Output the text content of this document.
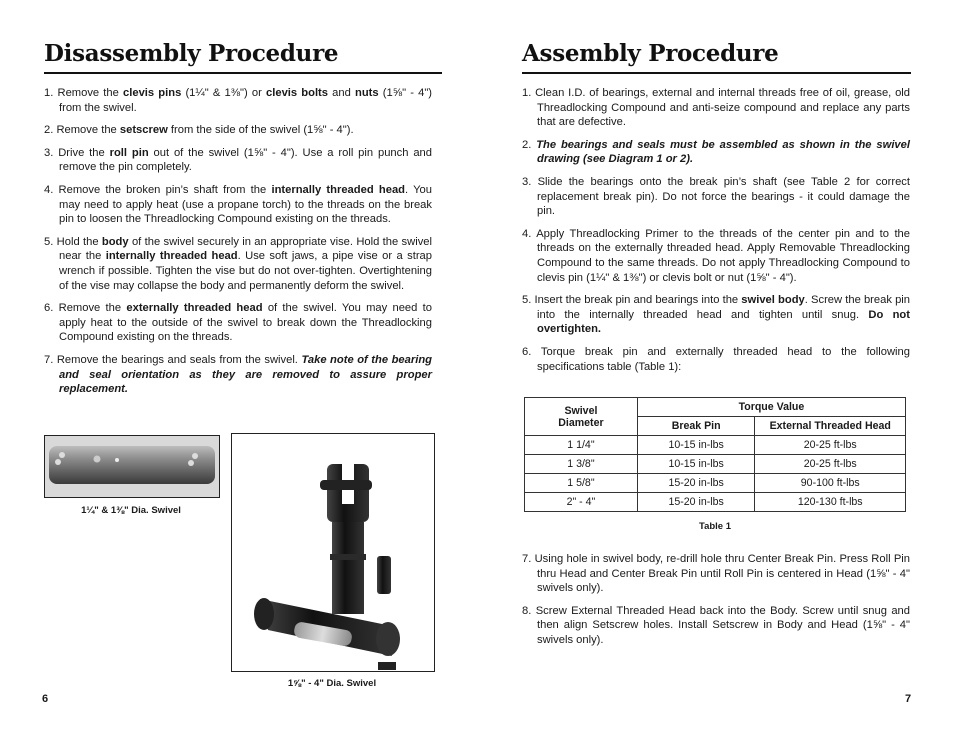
Disassembly Procedure
1. Remove the clevis pins (1¼" & 1⅜") or clevis bolts and nuts (1⅝" - 4") from the swivel.
2. Remove the setscrew from the side of the swivel (1⅝" - 4").
3. Drive the roll pin out of the swivel (1⅝" - 4"). Use a roll pin punch and remove the pin completely.
4. Remove the broken pin’s shaft from the internally threaded head. You may need to apply heat (use a propane torch) to the threads on the break pin to loosen the Threadlocking Compound existing on the threads.
5. Hold the body of the swivel securely in an appropriate vise. Hold the swivel near the internally threaded head. Use soft jaws, a pipe vise or a strap wrench if possible. Tighten the vise but do not over-tighten. Overtightening of the vise may collapse the body and permanently deform the swivel.
6. Remove the externally threaded head of the swivel. You may need to apply heat to the outside of the swivel to break down the Threadlocking Compound existing on the threads.
7. Remove the bearings and seals from the swivel. Take note of the bearing and seal orientation as they are removed to assure proper replacement.
1¼" & 1⅜" Dia. Swivel
1⅝" - 4" Dia. Swivel
6
Assembly Procedure
1. Clean I.D. of bearings, external and internal threads free of oil, grease, old Threadlocking Compound and anti-seize compound and replace any parts that are defective.
2. The bearings and seals must be assembled as shown in the swivel drawing (see Diagram 1 or 2).
3. Slide the bearings onto the break pin’s shaft (see Table 2 for correct replacement break pin). Do not force the bearings - it could damage the pin.
4. Apply Threadlocking Primer to the threads of the center pin and to the threads on the externally threaded head. Apply Removable Threadlocking Compound to the same threads. Do not apply Threadlocking Compound to clevis pin (1¼" & 1⅜") or clevis bolt or nut (1⅝" - 4").
5. Insert the break pin and bearings into the swivel body. Screw the break pin into the internally threaded head and tighten until snug. Do not overtighten.
6. Torque break pin and externally threaded head to the following specifications table (Table 1):
Swivel Diameter	Torque Value	
	Break Pin	External Threaded Head
1 1/4"	10-15 in-lbs	20-25 ft-lbs
1 3/8"	10-15 in-lbs	20-25 ft-lbs
1 5/8"	15-20 in-lbs	90-100 ft-lbs
2" - 4"	15-20 in-lbs	120-130 ft-lbs
Table 1
7. Using hole in swivel body, re-drill hole thru Center Break Pin. Press Roll Pin thru Head and Center Break Pin until Roll Pin is centered in Head (1⅝" - 4" swivels only).
8. Screw External Threaded Head back into the Body. Screw until snug and then align Setscrew holes. Install Setscrew in Body and Head (1⅝" - 4" swivels only).
7
